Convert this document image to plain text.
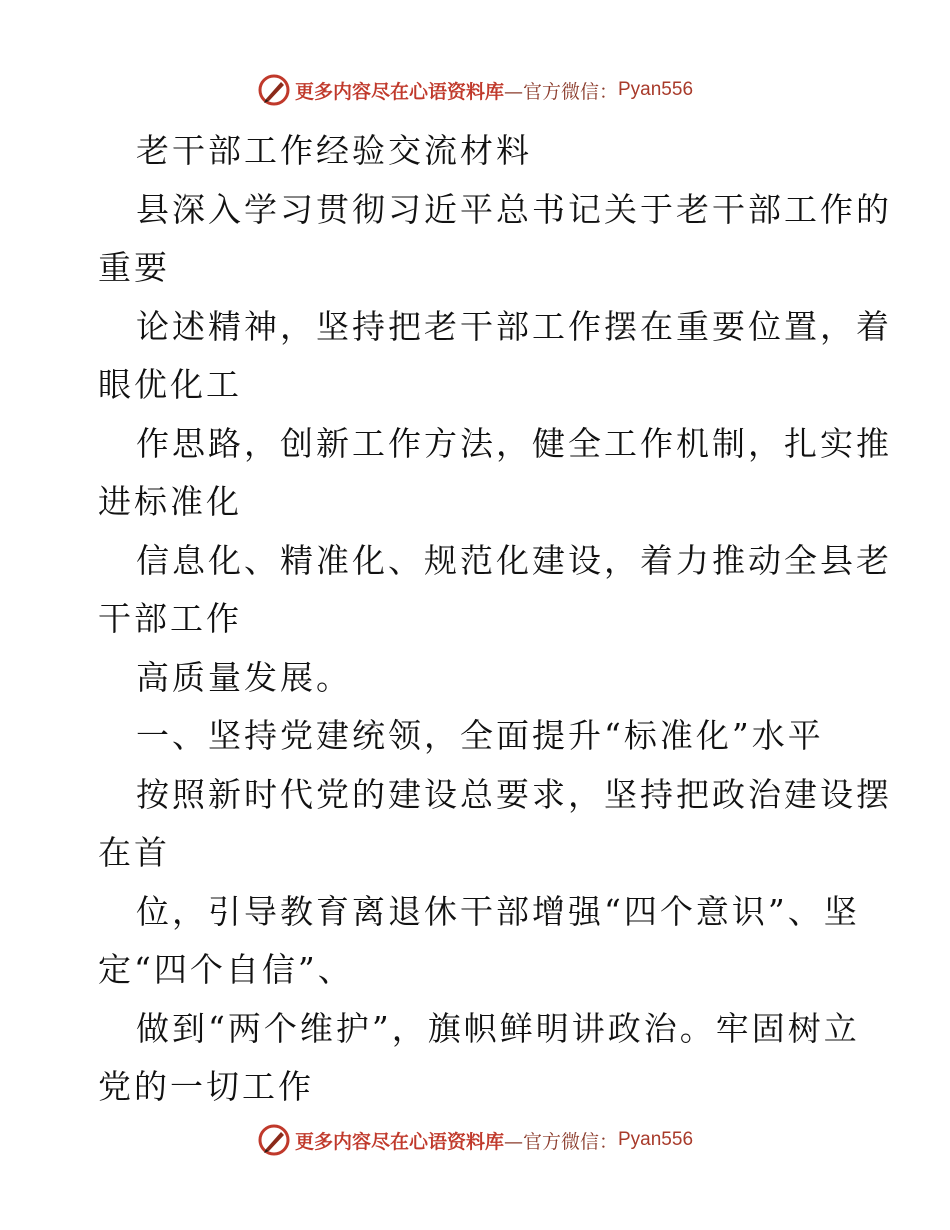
更多内容尽在心语资料库 —官方微信： Pyan556
老干部工作经验交流材料
县深入学习贯彻习近平总书记关于老干部工作的
重要
论述精神，坚持把老干部工作摆在重要位置，着
眼优化工
作思路，创新工作方法，健全工作机制，扎实推
进标准化
信息化、精准化、规范化建设，着力推动全县老
干部工作
高质量发展。
一、坚持党建统领，全面提升“标准化”水平
按照新时代党的建设总要求，坚持把政治建设摆
在首
位，引导教育离退休干部增强“四个意识”、坚
定“四个自信”、
做到“两个维护”，旗帜鲜明讲政治。牢固树立
党的一切工作
更多内容尽在心语资料库 —官方微信： Pyan556
